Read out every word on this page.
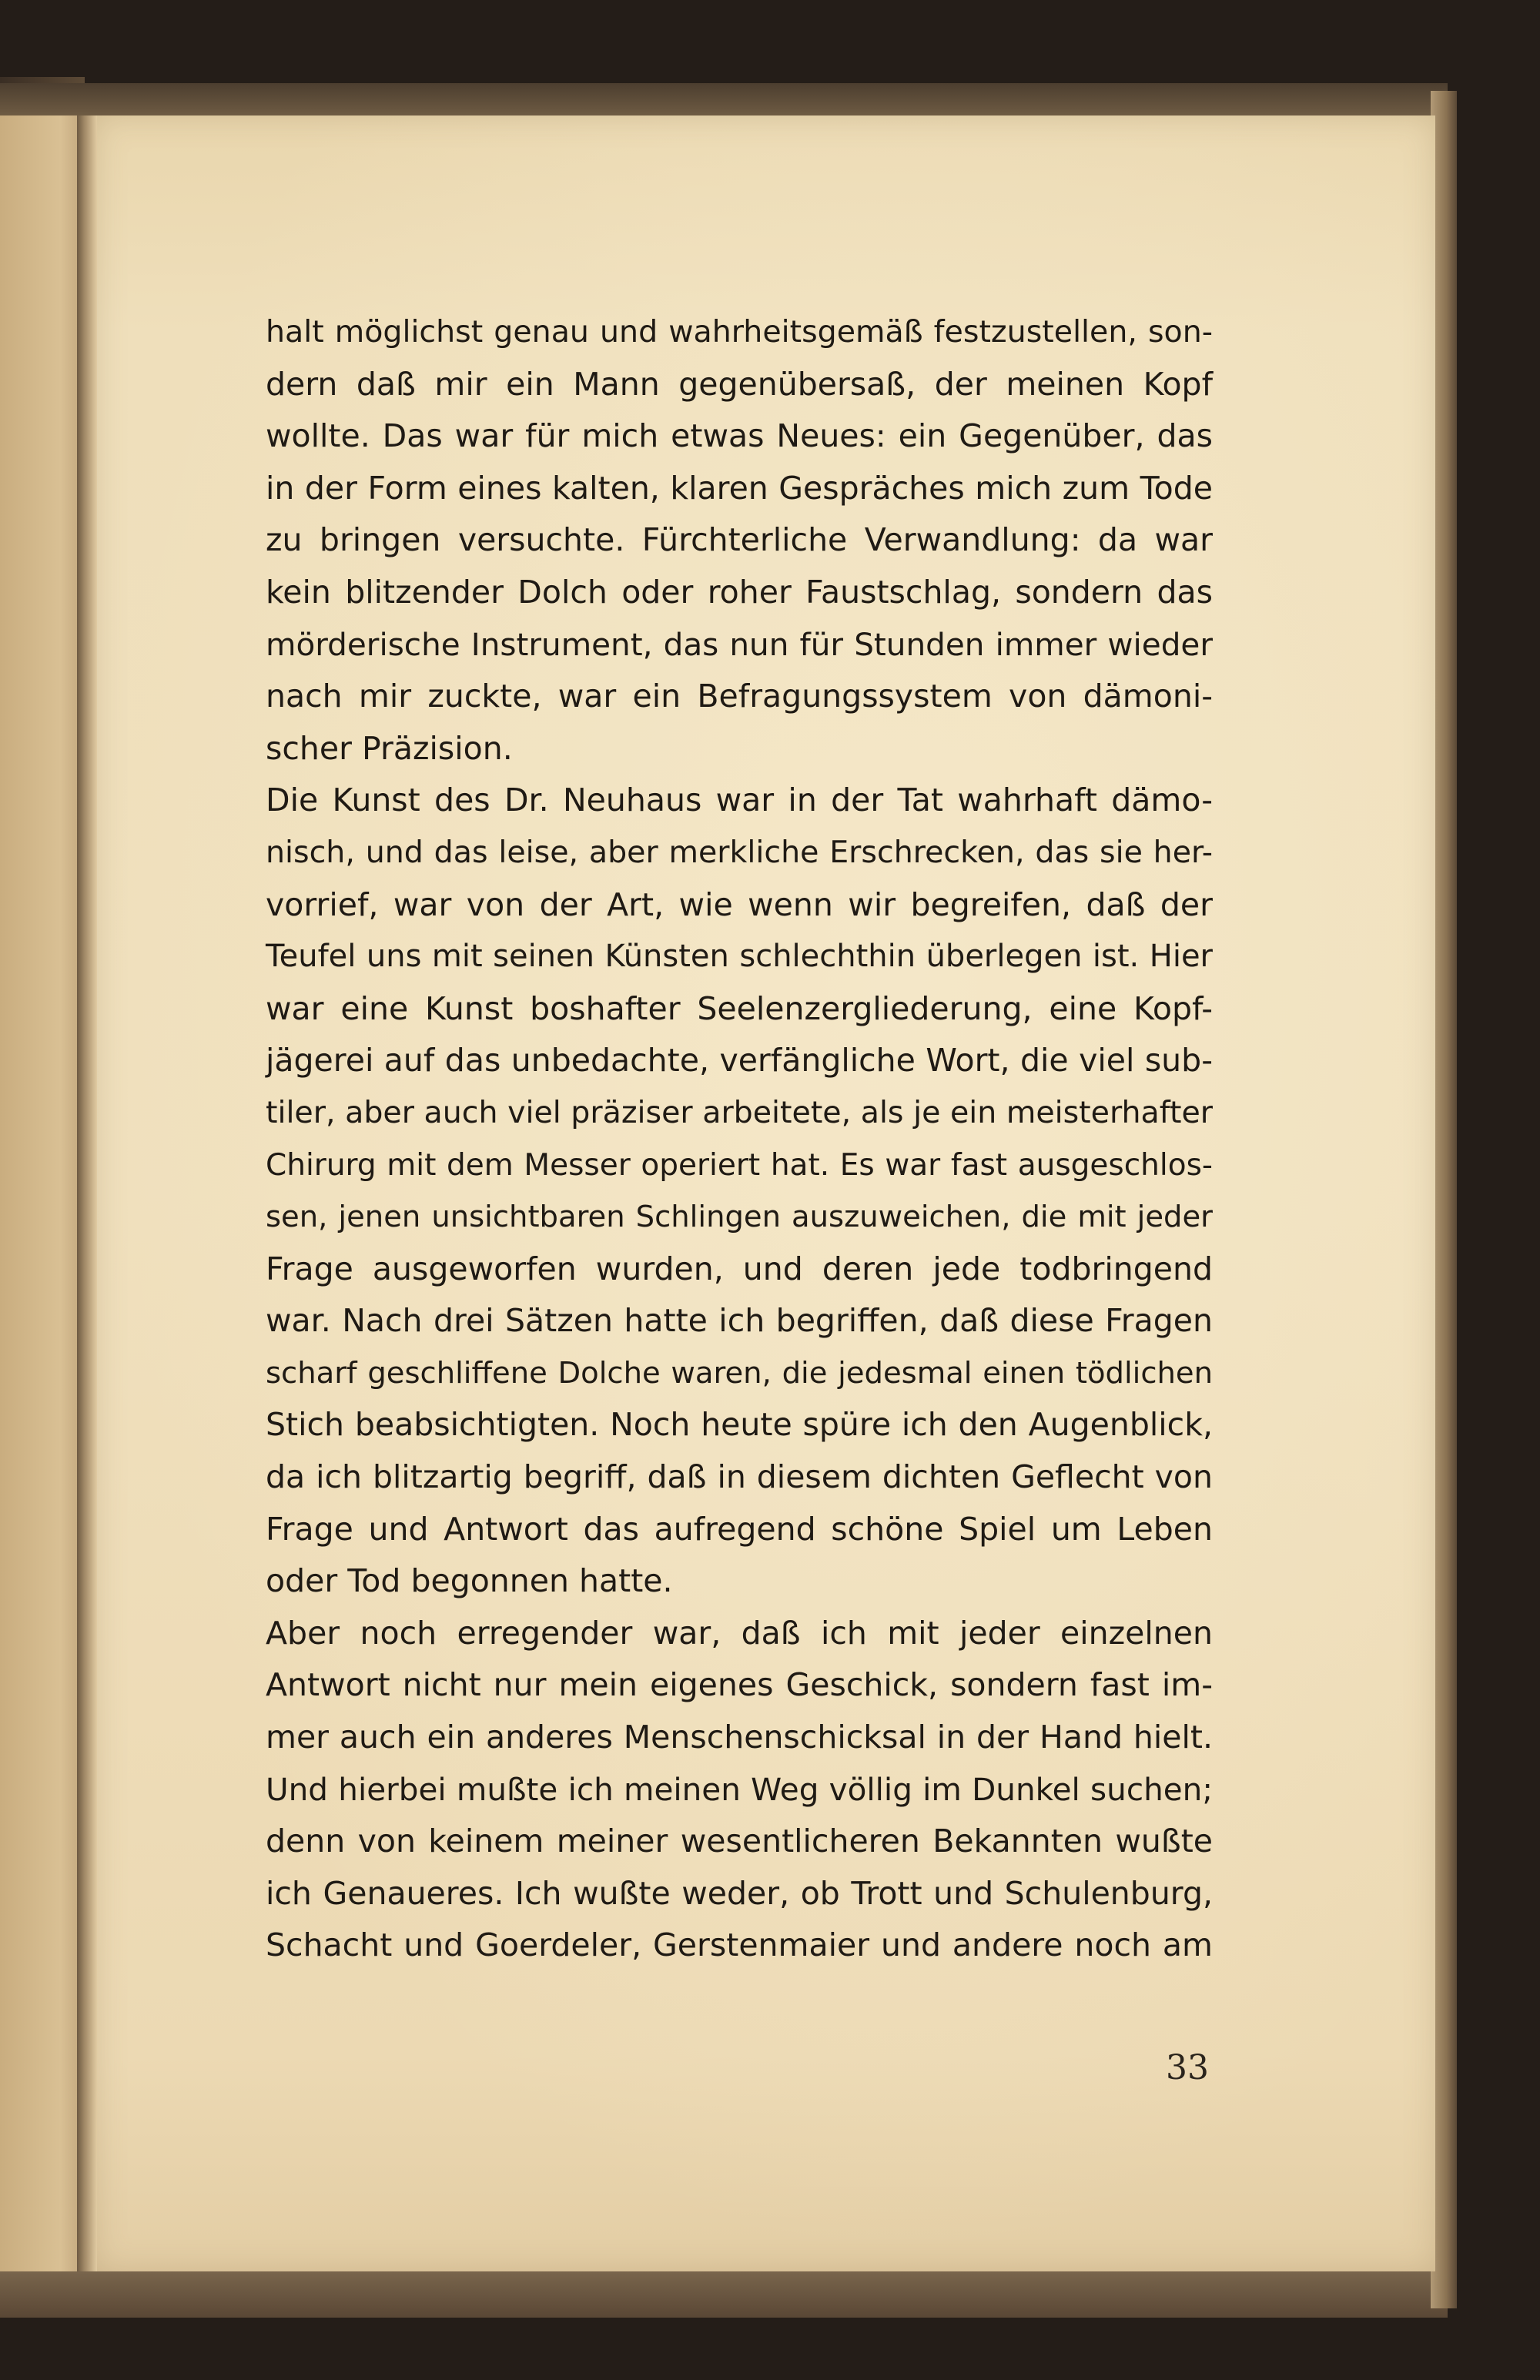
halt möglichst genau und wahrheitsgemäß festzustellen, son-
dern daß mir ein Mann gegenübersaß, der meinen Kopf
wollte. Das war für mich etwas Neues: ein Gegenüber, das
in der Form eines kalten, klaren Gespräches mich zum Tode
zu bringen versuchte. Fürchterliche Verwandlung: da war
kein blitzender Dolch oder roher Faustschlag, sondern das
mörderische Instrument, das nun für Stunden immer wieder
nach mir zuckte, war ein Befragungssystem von dämoni-
scher Präzision.
Die Kunst des Dr. Neuhaus war in der Tat wahrhaft dämo-
nisch, und das leise, aber merkliche Erschrecken, das sie her-
vorrief, war von der Art, wie wenn wir begreifen, daß der
Teufel uns mit seinen Künsten schlechthin überlegen ist. Hier
war eine Kunst boshafter Seelenzergliederung, eine Kopf-
jägerei auf das unbedachte, verfängliche Wort, die viel sub-
tiler, aber auch viel präziser arbeitete, als je ein meisterhafter
Chirurg mit dem Messer operiert hat. Es war fast ausgeschlos-
sen, jenen unsichtbaren Schlingen auszuweichen, die mit jeder
Frage ausgeworfen wurden, und deren jede todbringend
war. Nach drei Sätzen hatte ich begriffen, daß diese Fragen
scharf geschliffene Dolche waren, die jedesmal einen tödlichen
Stich beabsichtigten. Noch heute spüre ich den Augenblick,
da ich blitzartig begriff, daß in diesem dichten Geflecht von
Frage und Antwort das aufregend schöne Spiel um Leben
oder Tod begonnen hatte.
Aber noch erregender war, daß ich mit jeder einzelnen
Antwort nicht nur mein eigenes Geschick, sondern fast im-
mer auch ein anderes Menschenschicksal in der Hand hielt.
Und hierbei mußte ich meinen Weg völlig im Dunkel suchen;
denn von keinem meiner wesentlicheren Bekannten wußte
ich Genaueres. Ich wußte weder, ob Trott und Schulenburg,
Schacht und Goerdeler, Gerstenmaier und andere noch am
33
